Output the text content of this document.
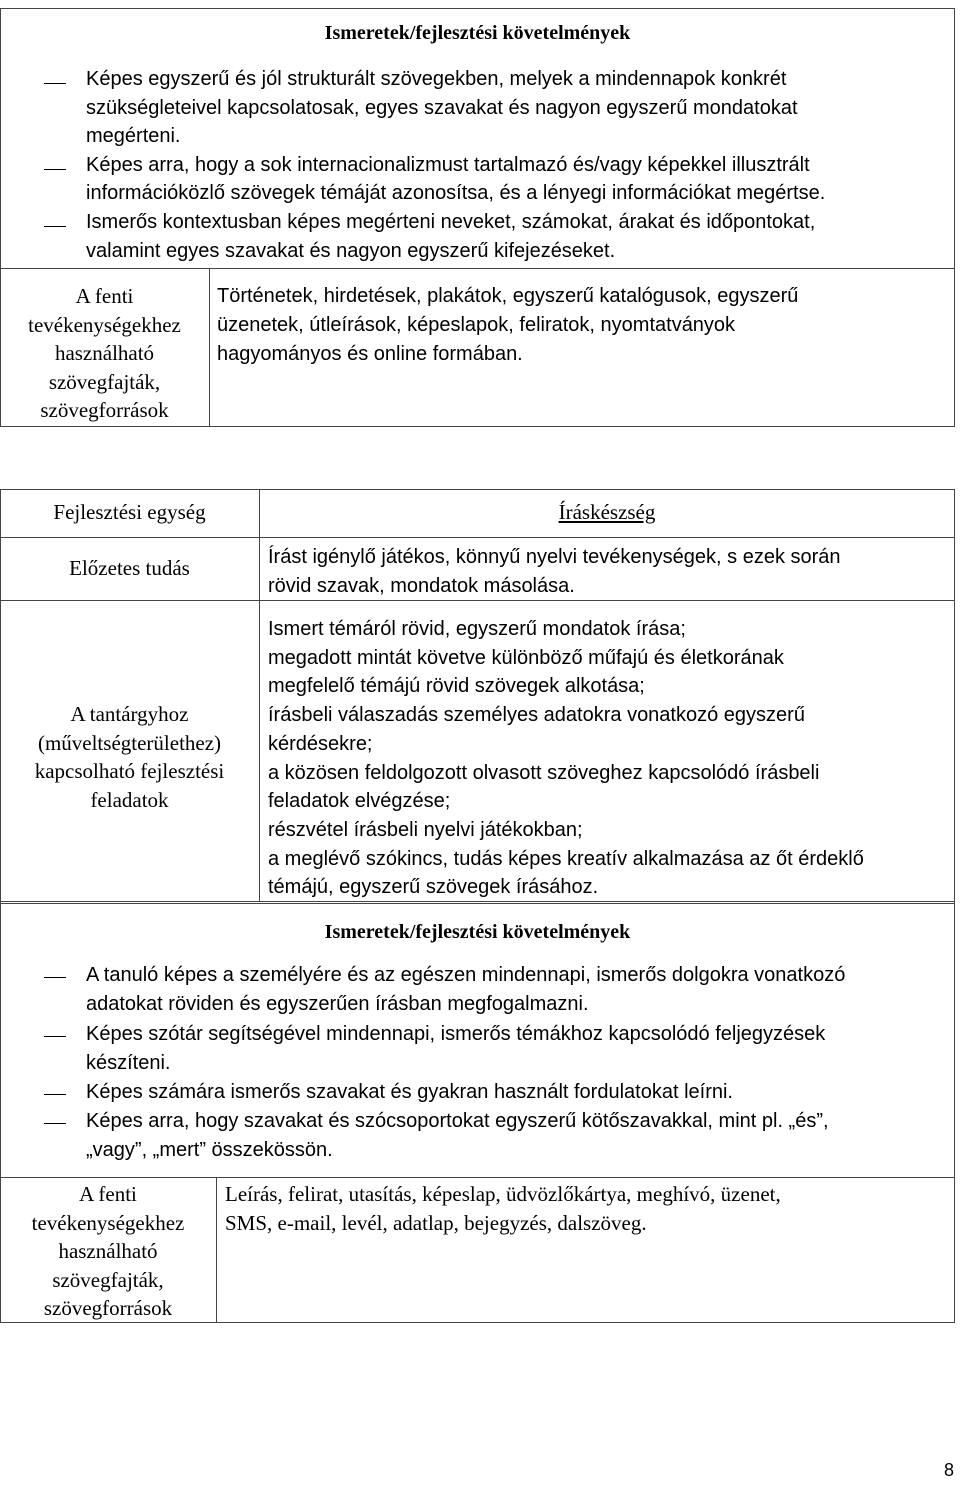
Ismeretek/fejlesztési követelmények
Képes egyszerű és jól strukturált szövegekben, melyek a mindennapok konkrét
szükségleteivel kapcsolatosak, egyes szavakat és nagyon egyszerű mondatokat
megérteni.
Képes arra, hogy a sok internacionalizmust tartalmazó és/vagy képekkel illusztrált
információközlő szövegek témáját azonosítsa, és a lényegi információkat megértse.
Ismerős kontextusban képes megérteni neveket, számokat, árakat és időpontokat,
valamint egyes szavakat és nagyon egyszerű kifejezéseket.
A fenti
tevékenységekhez
használható
szövegfajták,
szövegforrások
Történetek, hirdetések, plakátok, egyszerű katalógusok, egyszerű
üzenetek, útleírások, képeslapok, feliratok, nyomtatványok
hagyományos és online formában.
Fejlesztési egység	Íráskészség
Előzetes tudás	Írást igénylő játékos, könnyű nyelvi tevékenységek, s ezek során
rövid szavak, mondatok másolása.
A tantárgyhoz
(műveltségterülethez)
kapcsolható fejlesztési
feladatok
Ismert témáról rövid, egyszerű mondatok írása;
megadott mintát követve különböző műfajú és életkorának
megfelelő témájú rövid szövegek alkotása;
írásbeli válaszadás személyes adatokra vonatkozó egyszerű
kérdésekre;
a közösen feldolgozott olvasott szöveghez kapcsolódó írásbeli
feladatok elvégzése;
részvétel írásbeli nyelvi játékokban;
a meglévő szókincs, tudás képes kreatív alkalmazása az őt érdeklő
témájú, egyszerű szövegek írásához.
Ismeretek/fejlesztési követelmények
A tanuló képes a személyére és az egészen mindennapi, ismerős dolgokra vonatkozó
adatokat röviden és egyszerűen írásban megfogalmazni.
Képes szótár segítségével mindennapi, ismerős témákhoz kapcsolódó feljegyzések
készíteni.
Képes számára ismerős szavakat és gyakran használt fordulatokat leírni.
Képes arra, hogy szavakat és szócsoportokat egyszerű kötőszavakkal, mint pl. „és”,
„vagy”, „mert” összekössön.
A fenti
tevékenységekhez
használható
szövegfajták,
szövegforrások
Leírás, felirat, utasítás, képeslap, üdvözlőkártya, meghívó, üzenet,
SMS, e-mail, levél, adatlap, bejegyzés, dalszöveg.
8
